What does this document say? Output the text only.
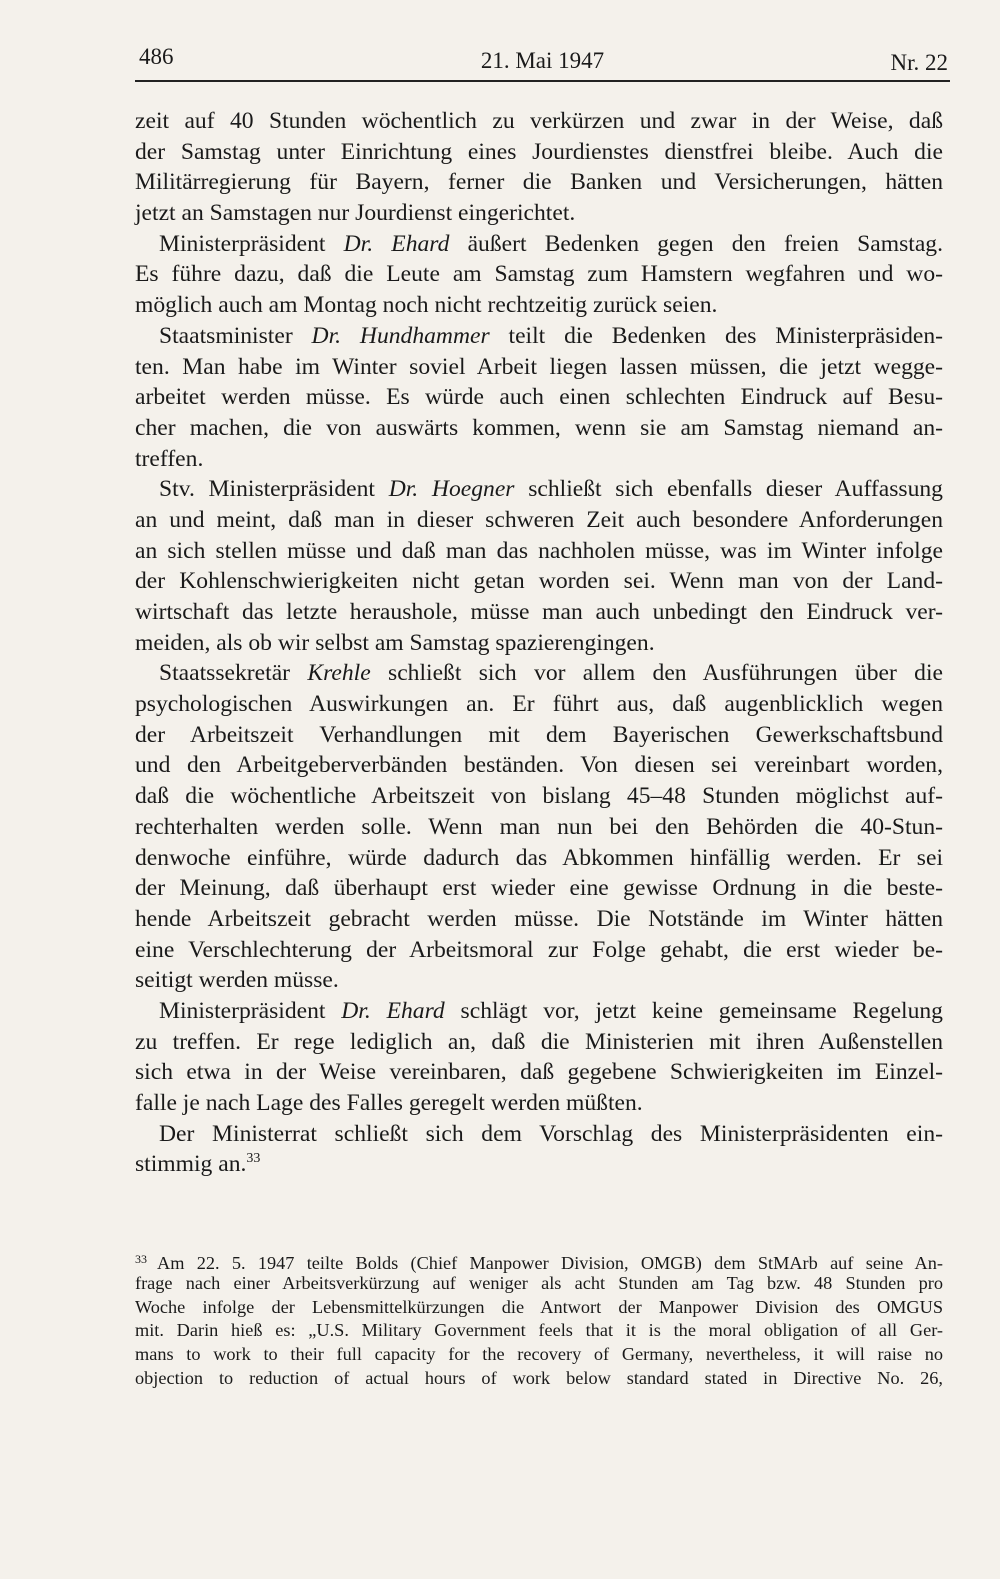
486	21. Mai 1947	Nr. 22
zeit auf 40 Stunden wöchentlich zu verkürzen und zwar in der Weise, daß
der Samstag unter Einrichtung eines Jourdienstes dienstfrei bleibe. Auch die
Militärregierung für Bayern, ferner die Banken und Versicherungen, hätten
jetzt an Samstagen nur Jourdienst eingerichtet.
Ministerpräsident Dr. Ehard äußert Bedenken gegen den freien Samstag.
Es führe dazu, daß die Leute am Samstag zum Hamstern wegfahren und wo-
möglich auch am Montag noch nicht rechtzeitig zurück seien.
Staatsminister Dr. Hundhammer teilt die Bedenken des Ministerpräsiden-
ten. Man habe im Winter soviel Arbeit liegen lassen müssen, die jetzt wegge-
arbeitet werden müsse. Es würde auch einen schlechten Eindruck auf Besu-
cher machen, die von auswärts kommen, wenn sie am Samstag niemand an-
treffen.
Stv. Ministerpräsident Dr. Hoegner schließt sich ebenfalls dieser Auffassung
an und meint, daß man in dieser schweren Zeit auch besondere Anforderungen
an sich stellen müsse und daß man das nachholen müsse, was im Winter infolge
der Kohlenschwierigkeiten nicht getan worden sei. Wenn man von der Land-
wirtschaft das letzte heraushole, müsse man auch unbedingt den Eindruck ver-
meiden, als ob wir selbst am Samstag spazierengingen.
Staatssekretär Krehle schließt sich vor allem den Ausführungen über die
psychologischen Auswirkungen an. Er führt aus, daß augenblicklich wegen
der Arbeitszeit Verhandlungen mit dem Bayerischen Gewerkschaftsbund
und den Arbeitgeberverbänden beständen. Von diesen sei vereinbart worden,
daß die wöchentliche Arbeitszeit von bislang 45–48 Stunden möglichst auf-
rechterhalten werden solle. Wenn man nun bei den Behörden die 40-Stun-
denwoche einführe, würde dadurch das Abkommen hinfällig werden. Er sei
der Meinung, daß überhaupt erst wieder eine gewisse Ordnung in die beste-
hende Arbeitszeit gebracht werden müsse. Die Notstände im Winter hätten
eine Verschlechterung der Arbeitsmoral zur Folge gehabt, die erst wieder be-
seitigt werden müsse.
Ministerpräsident Dr. Ehard schlägt vor, jetzt keine gemeinsame Regelung
zu treffen. Er rege lediglich an, daß die Ministerien mit ihren Außenstellen
sich etwa in der Weise vereinbaren, daß gegebene Schwierigkeiten im Einzel-
falle je nach Lage des Falles geregelt werden müßten.
Der Ministerrat schließt sich dem Vorschlag des Ministerpräsidenten ein-
stimmig an.$^{33}$
$^{33}$ Am 22. 5. 1947 teilte Bolds (Chief Manpower Division, OMGB) dem StMArb auf seine An-
frage nach einer Arbeitsverkürzung auf weniger als acht Stunden am Tag bzw. 48 Stunden pro
Woche infolge der Lebensmittelkürzungen die Antwort der Manpower Division des OMGUS
mit. Darin hieß es: „U.S. Military Government feels that it is the moral obligation of all Ger-
mans to work to their full capacity for the recovery of Germany, nevertheless, it will raise no
objection to reduction of actual hours of work below standard stated in Directive No. 26,
